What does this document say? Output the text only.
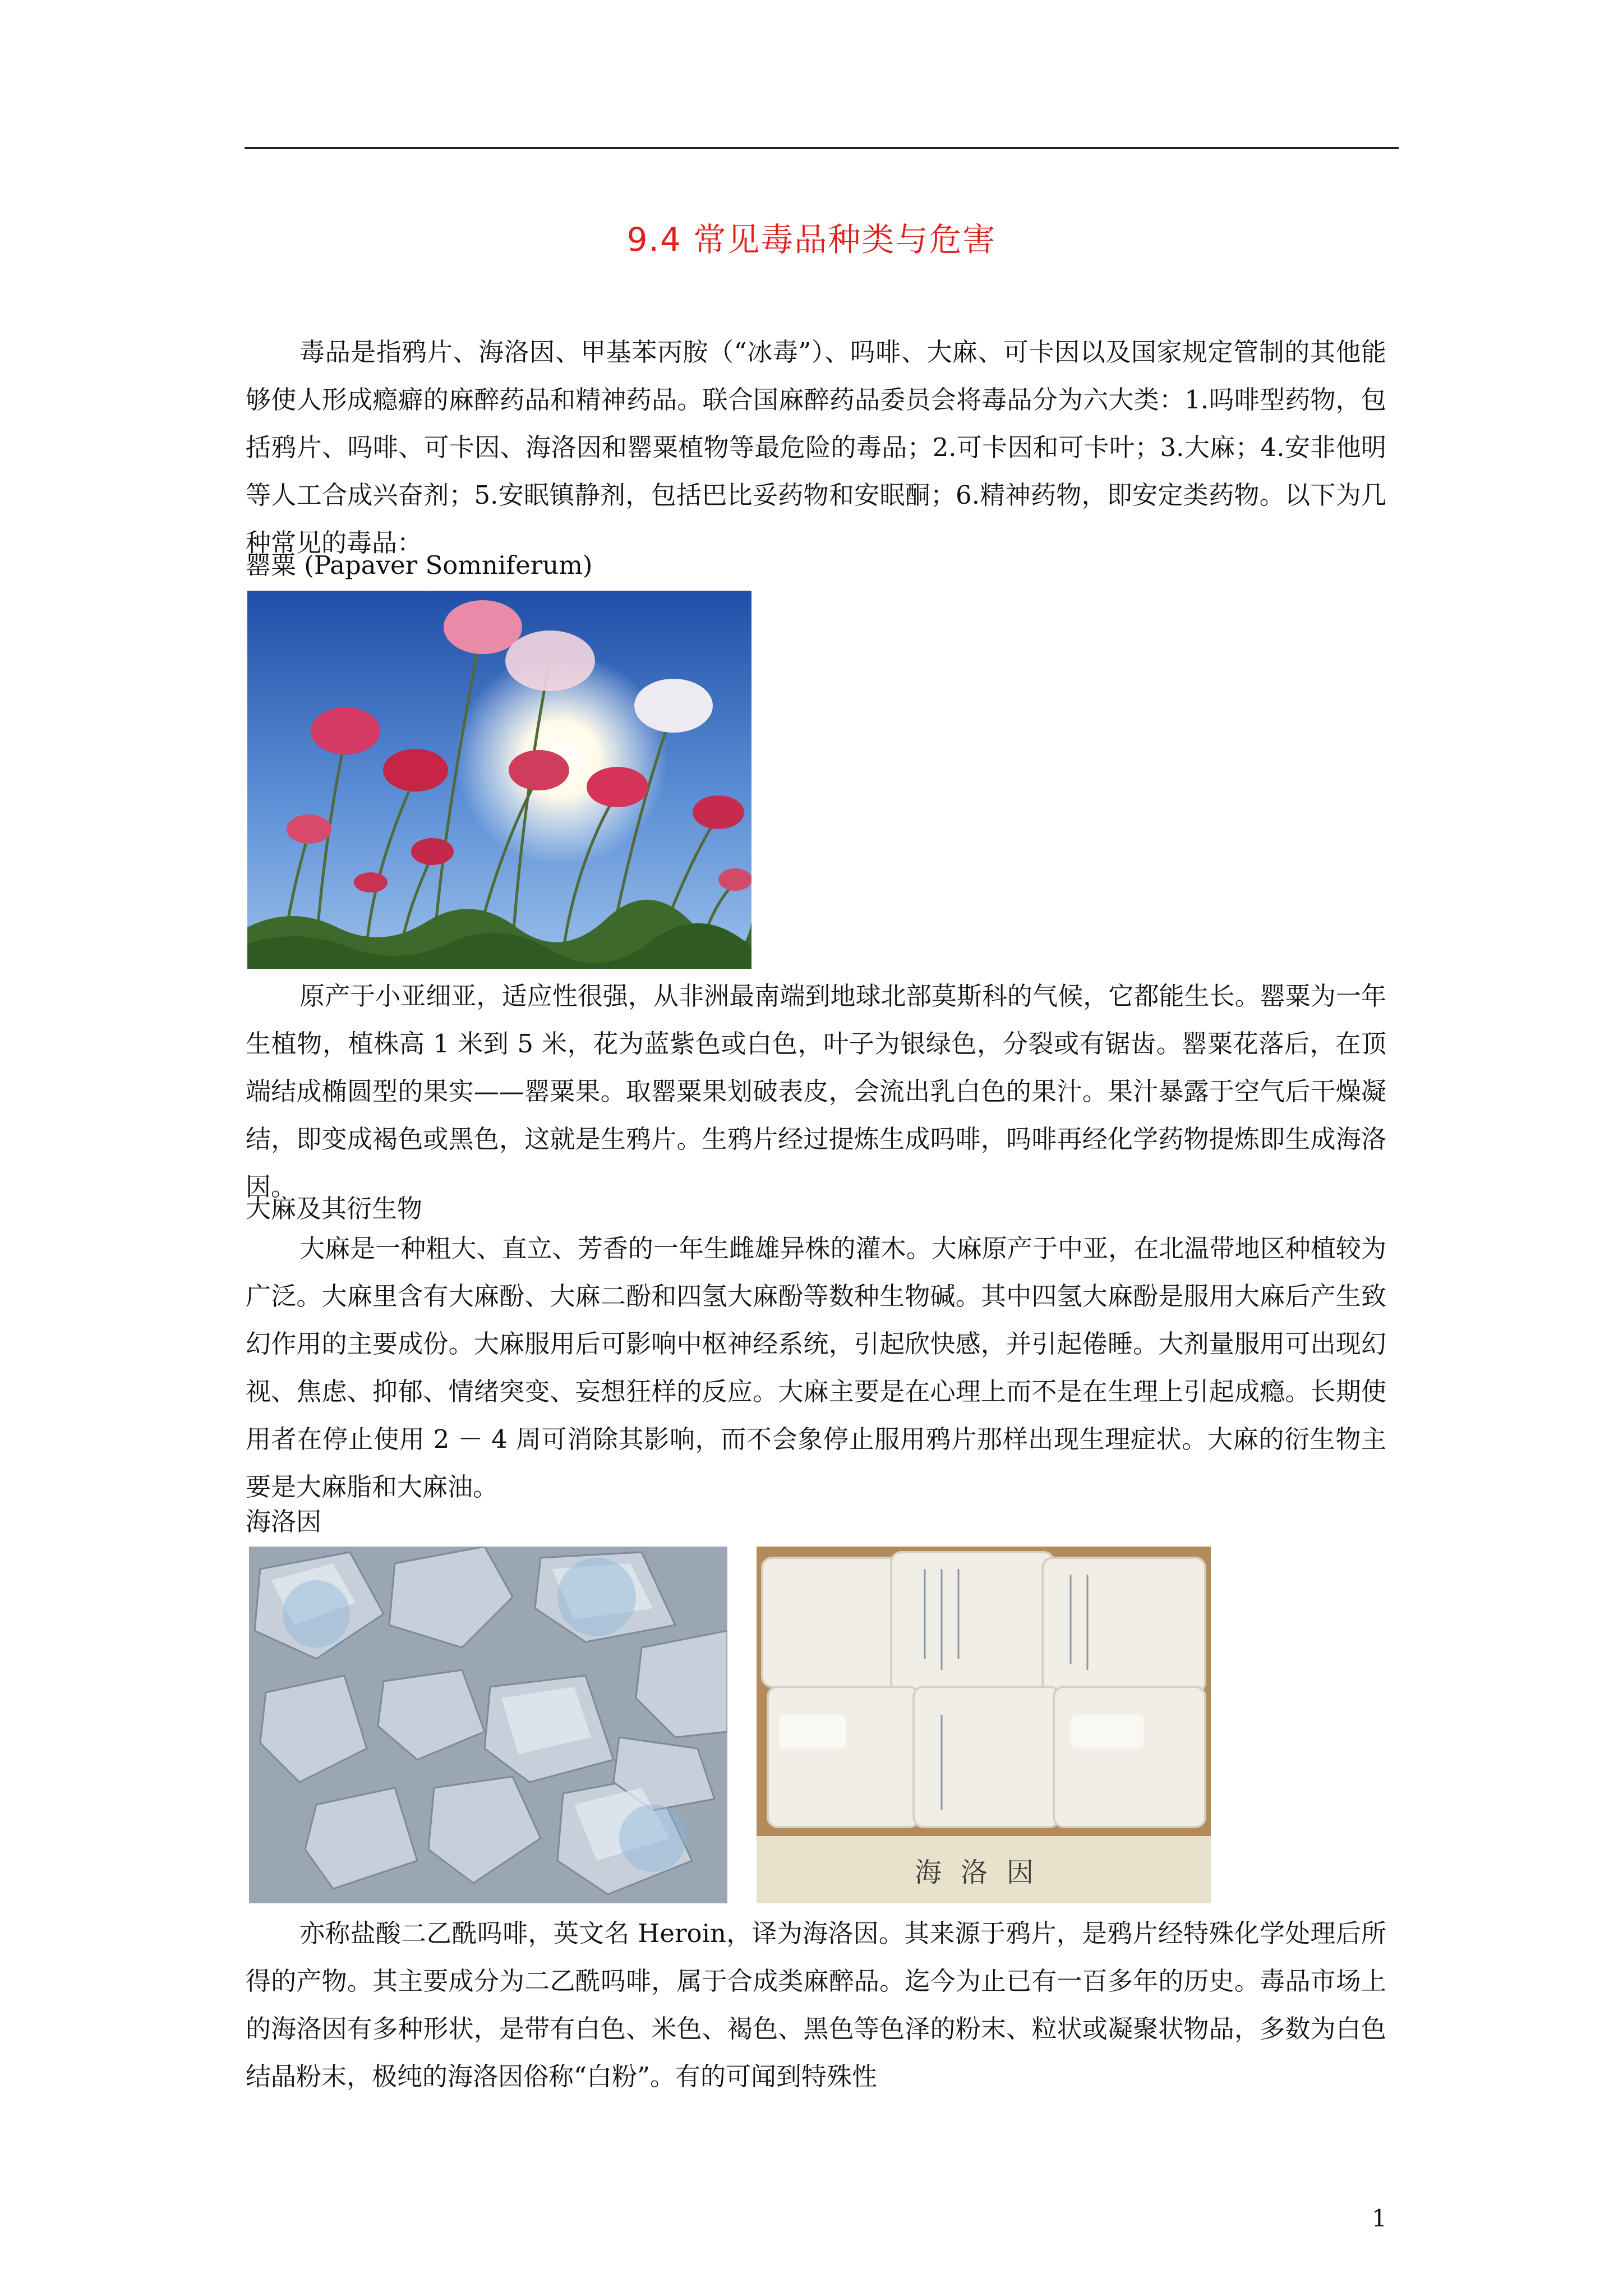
9.4 常见毒品种类与危害
毒品是指鸦片、海洛因、甲基苯丙胺（“冰毒”）、吗啡、大麻、可卡因以及国家规定管制的其他能够使人形成瘾癖的麻醉药品和精神药品。联合国麻醉药品委员会将毒品分为六大类：1.吗啡型药物，包括鸦片、吗啡、可卡因、海洛因和罂粟植物等最危险的毒品；2.可卡因和可卡叶；3.大麻；4.安非他明等人工合成兴奋剂；5.安眠镇静剂，包括巴比妥药物和安眠酮；6.精神药物，即安定类药物。以下为几种常见的毒品：
罂粟 (Papaver Somniferum)
原产于小亚细亚，适应性很强，从非洲最南端到地球北部莫斯科的气候，它都能生长。罂粟为一年生植物，植株高 1 米到 5 米，花为蓝紫色或白色，叶子为银绿色，分裂或有锯齿。罂粟花落后，在顶端结成椭圆型的果实——罂粟果。取罂粟果划破表皮，会流出乳白色的果汁。果汁暴露于空气后干燥凝结，即变成褐色或黑色，这就是生鸦片。生鸦片经过提炼生成吗啡，吗啡再经化学药物提炼即生成海洛因。
大麻及其衍生物
大麻是一种粗大、直立、芳香的一年生雌雄异株的灌木。大麻原产于中亚，在北温带地区种植较为广泛。大麻里含有大麻酚、大麻二酚和四氢大麻酚等数种生物碱。其中四氢大麻酚是服用大麻后产生致幻作用的主要成份。大麻服用后可影响中枢神经系统，引起欣快感，并引起倦睡。大剂量服用可出现幻视、焦虑、抑郁、情绪突变、妄想狂样的反应。大麻主要是在心理上而不是在生理上引起成瘾。长期使用者在停止使用 2 － 4 周可消除其影响，而不会象停止服用鸦片那样出现生理症状。大麻的衍生物主要是大麻脂和大麻油。
海洛因
海洛因
亦称盐酸二乙酰吗啡，英文名 Heroin，译为海洛因。其来源于鸦片，是鸦片经特殊化学处理后所得的产物。其主要成分为二乙酰吗啡，属于合成类麻醉品。迄今为止已有一百多年的历史。毒品市场上的海洛因有多种形状，是带有白色、米色、褐色、黑色等色泽的粉末、粒状或凝聚状物品，多数为白色结晶粉末，极纯的海洛因俗称“白粉”。有的可闻到特殊性
1
